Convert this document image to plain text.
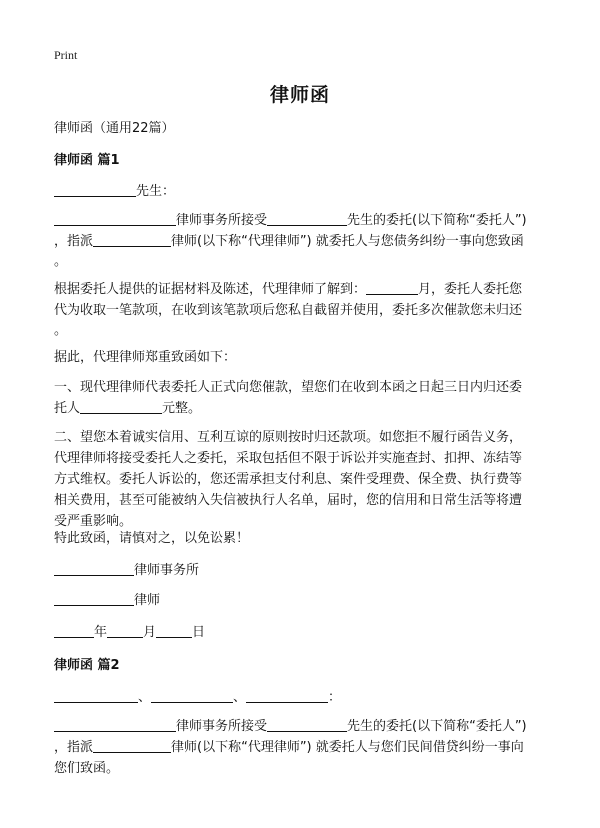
Print
律师函
律师函（通用22篇）
律师函 篇1
先生：
律师事务所接受	先生的委托(以下简称“委托人”)
，指派	律师(以下称“代理律师”) 就委托人与您债务纠纷一事向您致函
。
根据委托人提供的证据材料及陈述，代理律师了解到：	月，委托人委托您
代为收取一笔款项，在收到该笔款项后您私自截留并使用，委托多次催款您未归还
。
据此，代理律师郑重致函如下：
一、现代理律师代表委托人正式向您催款，望您们在收到本函之日起三日内归还委
托人	元整。
二、望您本着诚实信用、互利互谅的原则按时归还款项。如您拒不履行函告义务，
代理律师将接受委托人之委托，采取包括但不限于诉讼并实施查封、扣押、冻结等
方式维权。委托人诉讼的，您还需承担支付利息、案件受理费、保全费、执行费等
相关费用，甚至可能被纳入失信被执行人名单，届时，您的信用和日常生活等将遭
受严重影响。
特此致函，请慎对之，以免讼累！
律师事务所
律师
年	月	日
律师函 篇2
、	、	：
律师事务所接受	先生的委托(以下简称“委托人”)
，指派	律师(以下称“代理律师”) 就委托人与您们民间借贷纠纷一事向
您们致函。
